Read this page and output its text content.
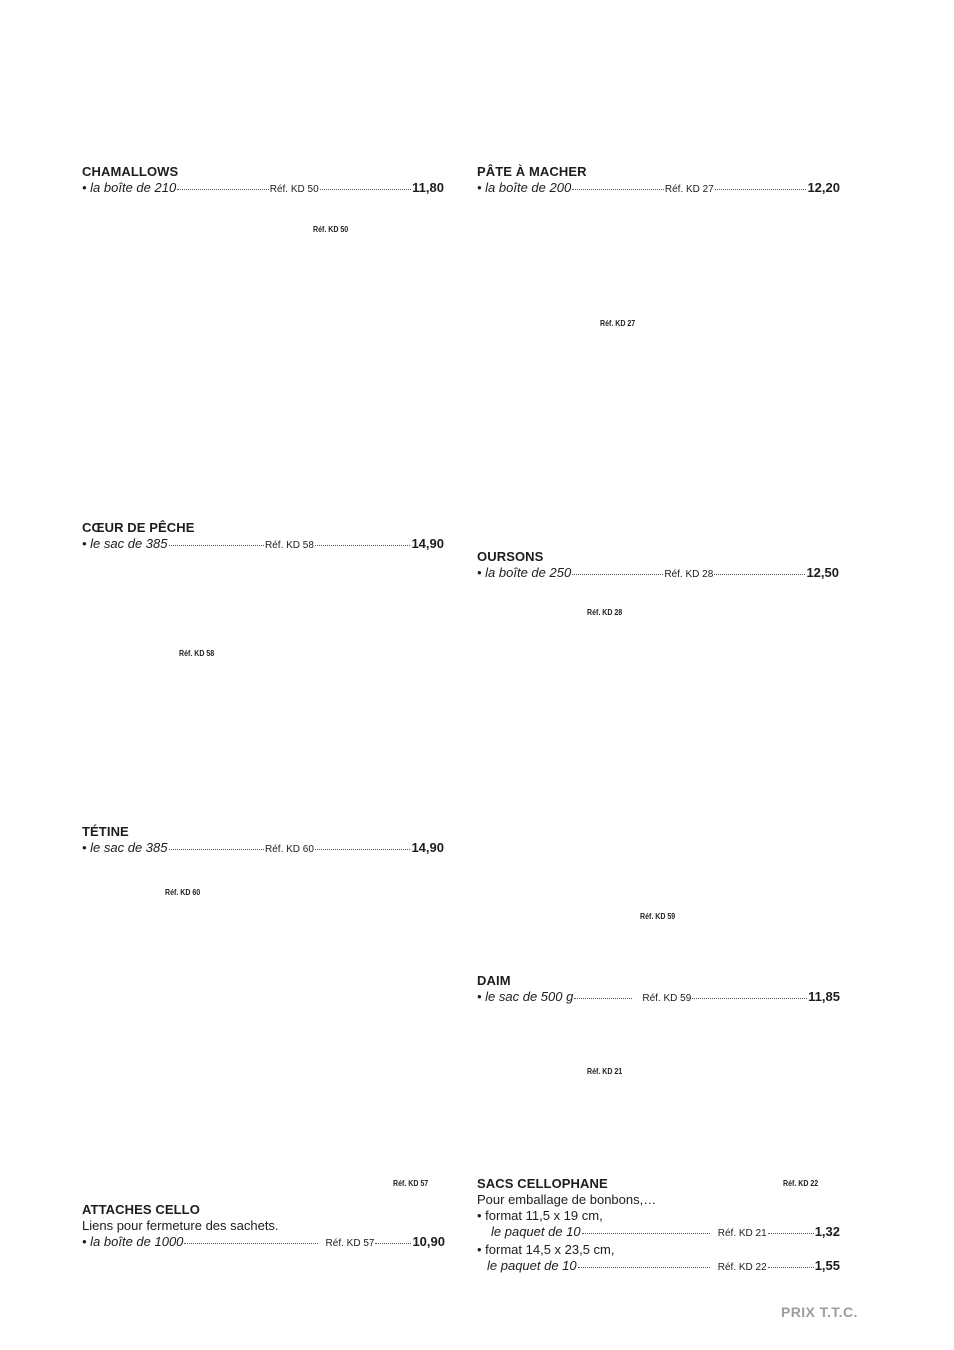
CHAMALLOWS
• la boîte de 210	Réf. KD 50	11,80
Réf. KD 50
PÂTE À MACHER
• la boîte de 200	Réf. KD 27	12,20
Réf. KD 27
CŒUR DE PÊCHE
• le sac de 385	Réf. KD 58	14,90
Réf. KD 58
OURSONS
• la boîte de 250	Réf. KD 28	12,50
Réf. KD 28
TÉTINE
• le sac de 385	Réf. KD 60	14,90
Réf. KD 60
Réf. KD 59
DAIM
• le sac de 500 g	Réf. KD 59	11,85
Réf. KD 21
Réf. KD 57
ATTACHES CELLO
Liens pour fermeture des sachets.
• la boîte de 1000	Réf. KD 57	10,90
Réf. KD 22
SACS CELLOPHANE
Pour emballage de bonbons,…
• format 11,5 x 19 cm,
le paquet de 10	Réf. KD 21	1,32
• format 14,5 x 23,5 cm,
le paquet de 10	Réf. KD 22	1,55
PRIX T.T.C.
